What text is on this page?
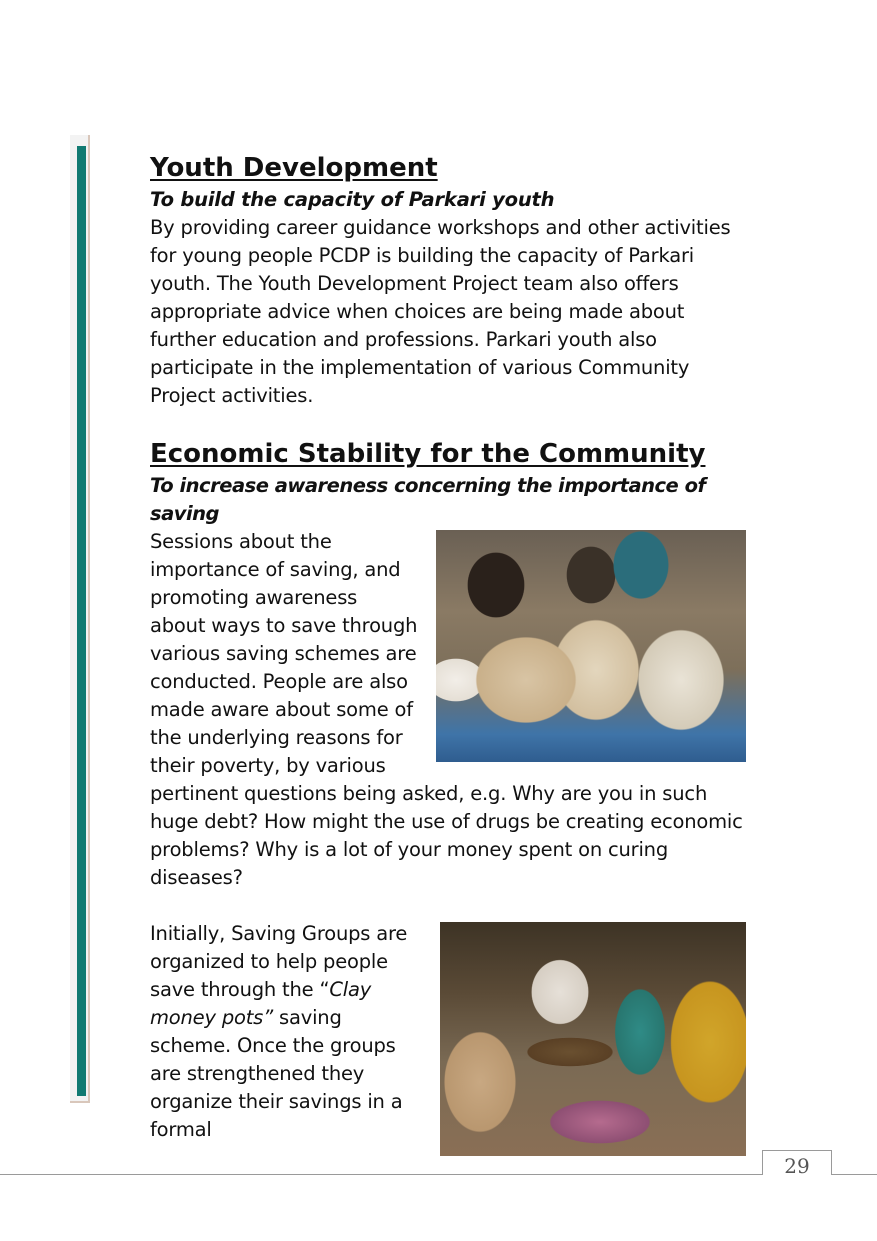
Youth Development

To build the capacity of Parkari youth

By providing career guidance workshops and other activities for young people PCDP is building the capacity of Parkari youth. The Youth Development Project team also offers appropriate advice when choices are being made about further education and professions. Parkari youth also participate in the implementation of various Community Project activities.

Economic Stability for the Community

To increase awareness concerning the importance of saving

Sessions about the importance of saving, and promoting awareness about ways to save through various saving schemes are conducted. People are also made aware about some of the underlying reasons for their poverty, by various pertinent questions being asked, e.g. Why are you in such huge debt? How might the use of drugs be creating economic problems? Why is a lot of your money spent on curing diseases?

Initially, Saving Groups are organized to help people save through the “Clay money pots” saving scheme. Once the groups are strengthened they organize their savings in a formal

29
